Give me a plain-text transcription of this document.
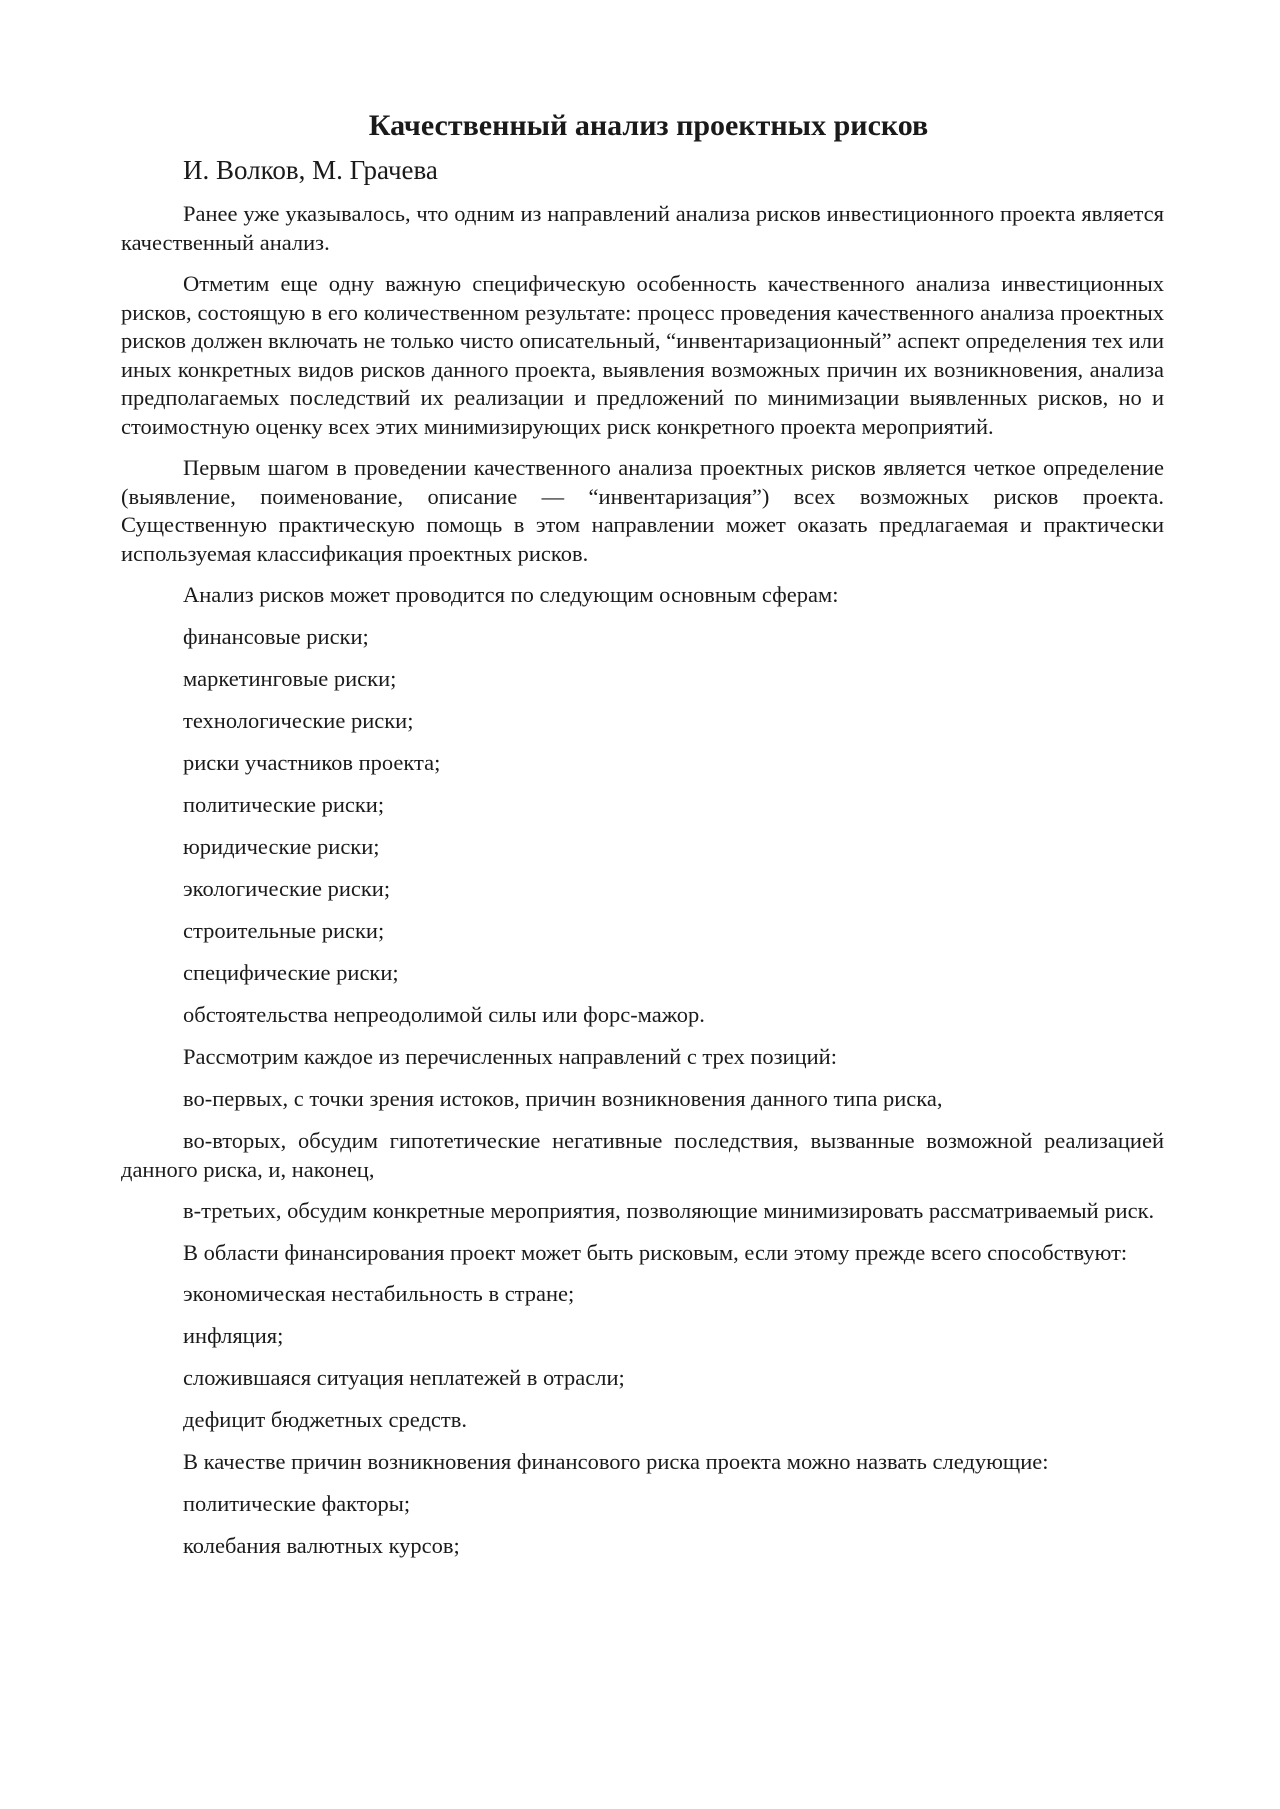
Качественный анализ проектных рисков

И. Волков, М. Грачева

Ранее уже указывалось, что одним из направлений анализа рисков инвестиционного проекта является качественный анализ.

Отметим еще одну важную специфическую особенность качественного анализа инвестиционных рисков, состоящую в его количественном результате: процесс проведения качественного анализа проектных рисков должен включать не только чисто описательный, “инвентаризационный” аспект определения тех или иных конкретных видов рисков данного проекта, выявления возможных причин их возникновения, анализа предполагаемых последствий их реализации и предложений по минимизации выявленных рисков, но и стоимостную оценку всех этих минимизирующих риск конкретного проекта мероприятий.

Первым шагом в проведении качественного анализа проектных рисков является четкое определение (выявление, поименование, описание — “инвентаризация”) всех возможных рисков проекта. Существенную практическую помощь в этом направлении может оказать предлагаемая и практически используемая классификация проектных рисков.

Анализ рисков может проводится по следующим основным сферам:

финансовые риски;

маркетинговые риски;

технологические риски;

риски участников проекта;

политические риски;

юридические риски;

экологические риски;

строительные риски;

специфические риски;

обстоятельства непреодолимой силы или форс-мажор.

Рассмотрим каждое из перечисленных направлений с трех позиций:

во-первых, с точки зрения истоков, причин возникновения данного типа риска,

во-вторых, обсудим гипотетические негативные последствия, вызванные возможной реализацией данного риска, и, наконец,

в-третьих, обсудим конкретные мероприятия, позволяющие минимизировать рассматриваемый риск.

В области финансирования проект может быть рисковым, если этому прежде всего способствуют:

экономическая нестабильность в стране;

инфляция;

сложившаяся ситуация неплатежей в отрасли;

дефицит бюджетных средств.

В качестве причин возникновения финансового риска проекта можно назвать следующие:

политические факторы;

колебания валютных курсов;
